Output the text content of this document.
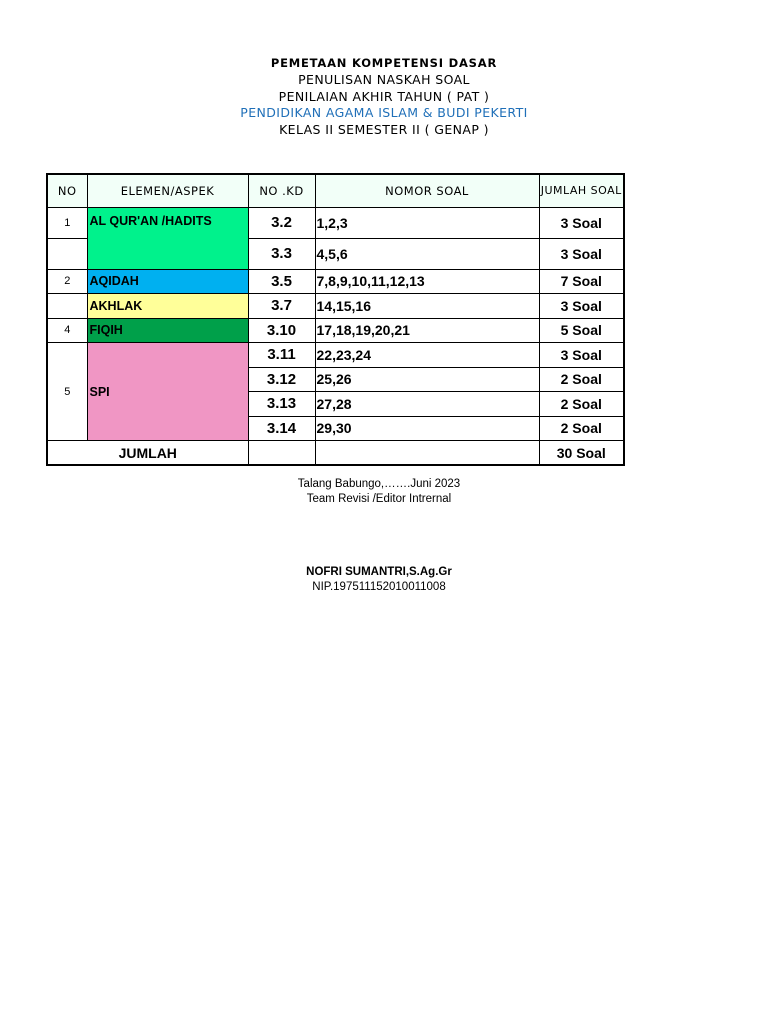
PEMETAAN KOMPETENSI DASAR
PENULISAN NASKAH SOAL
PENILAIAN AKHIR TAHUN ( PAT )
PENDIDIKAN AGAMA ISLAM & BUDI PEKERTI
KELAS II SEMESTER II ( GENAP )
NO	ELEMEN/ASPEK	NO .KD	NOMOR SOAL	JUMLAH SOAL
1	AL QUR'AN /HADITS	3.2	1,2,3	3 Soal
		3.3	4,5,6	3 Soal
2	AQIDAH	3.5	7,8,9,10,11,12,13	7 Soal
	AKHLAK	3.7	14,15,16	3 Soal
4	FIQIH	3.10	17,18,19,20,21	5 Soal
5	SPI	3.11	22,23,24	3 Soal
		3.12	25,26	2 Soal
		3.13	27,28	2 Soal
		3.14	29,30	2 Soal
JUMLAH				30 Soal
Talang Babungo,…….Juni 2023
Team Revisi /Editor Intrernal
NOFRI SUMANTRI,S.Ag.Gr
NIP.197511152010011008
